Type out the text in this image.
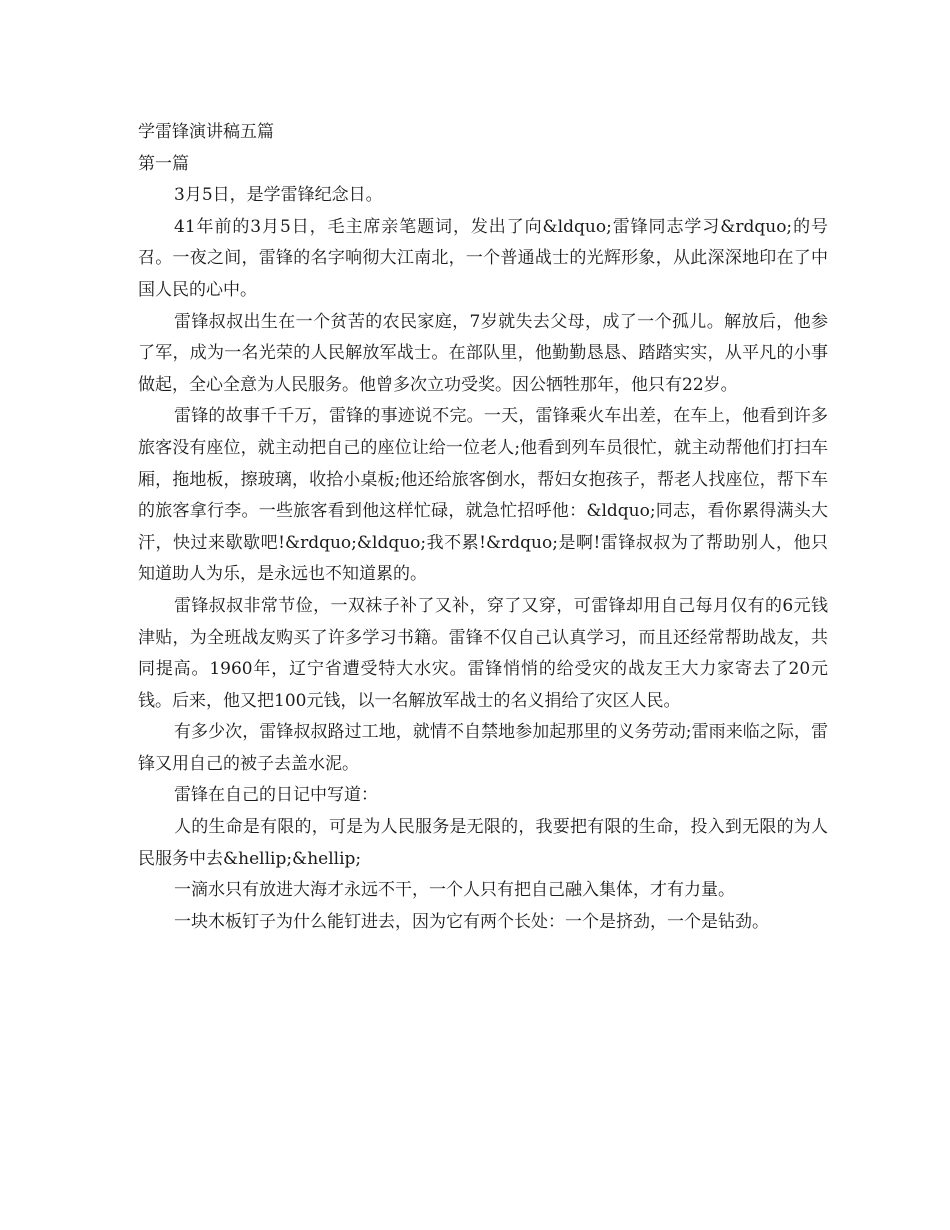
学雷锋演讲稿五篇

第一篇

3月5日，是学雷锋纪念日。

41年前的3月5日，毛主席亲笔题词，发出了向&ldquo;雷锋同志学习&rdquo;的号召。一夜之间，雷锋的名字响彻大江南北，一个普通战士的光辉形象，从此深深地印在了中国人民的心中。

雷锋叔叔出生在一个贫苦的农民家庭，7岁就失去父母，成了一个孤儿。解放后，他参了军，成为一名光荣的人民解放军战士。在部队里，他勤勤恳恳、踏踏实实，从平凡的小事做起，全心全意为人民服务。他曾多次立功受奖。因公牺牲那年，他只有22岁。

雷锋的故事千千万，雷锋的事迹说不完。一天，雷锋乘火车出差，在车上，他看到许多旅客没有座位，就主动把自己的座位让给一位老人;他看到列车员很忙，就主动帮他们打扫车厢，拖地板，擦玻璃，收拾小桌板;他还给旅客倒水，帮妇女抱孩子，帮老人找座位，帮下车的旅客拿行李。一些旅客看到他这样忙碌，就急忙招呼他：&ldquo;同志，看你累得满头大汗，快过来歇歇吧!&rdquo;&ldquo;我不累!&rdquo;是啊!雷锋叔叔为了帮助别人，他只知道助人为乐，是永远也不知道累的。

雷锋叔叔非常节俭，一双袜子补了又补，穿了又穿，可雷锋却用自己每月仅有的6元钱津贴，为全班战友购买了许多学习书籍。雷锋不仅自己认真学习，而且还经常帮助战友，共同提高。1960年，辽宁省遭受特大水灾。雷锋悄悄的给受灾的战友王大力家寄去了20元钱。后来，他又把100元钱，以一名解放军战士的名义捐给了灾区人民。

有多少次，雷锋叔叔路过工地，就情不自禁地参加起那里的义务劳动;雷雨来临之际，雷锋又用自己的被子去盖水泥。

雷锋在自己的日记中写道：

人的生命是有限的，可是为人民服务是无限的，我要把有限的生命，投入到无限的为人民服务中去&hellip;&hellip;

一滴水只有放进大海才永远不干，一个人只有把自己融入集体，才有力量。

一块木板钉子为什么能钉进去，因为它有两个长处：一个是挤劲，一个是钻劲。
